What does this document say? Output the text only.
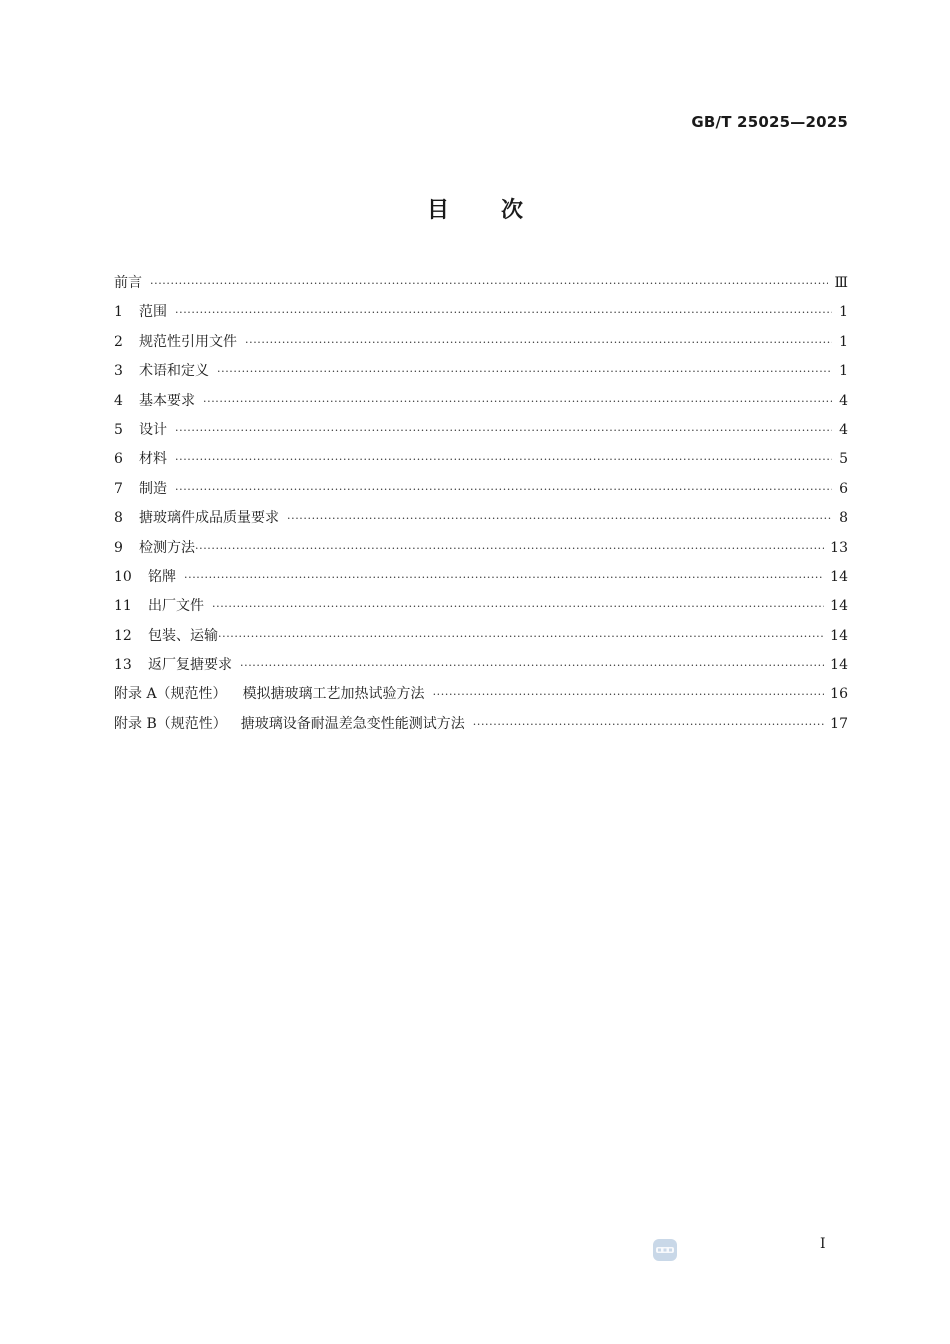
GB/T 25025—2025
目 次
前言 ·····	Ⅲ
1	范围 ·····	1
2	规范性引用文件 ·····	1
3	术语和定义 ·····	1
4	基本要求 ·····	4
5	设计 ·····	4
6	材料 ·····	5
7	制造 ·····	6
8	搪玻璃件成品质量要求 ·····	8
9	检测方法 ·····	13
10	铭牌 ·····	14
11	出厂文件 ·····	14
12	包装、运输 ·····	14
13	返厂复搪要求 ·····	14
附录 A（规范性）	模拟搪玻璃工艺加热试验方法 ·····	16
附录 B（规范性）	搪玻璃设备耐温差急变性能测试方法 ·····	17
I
